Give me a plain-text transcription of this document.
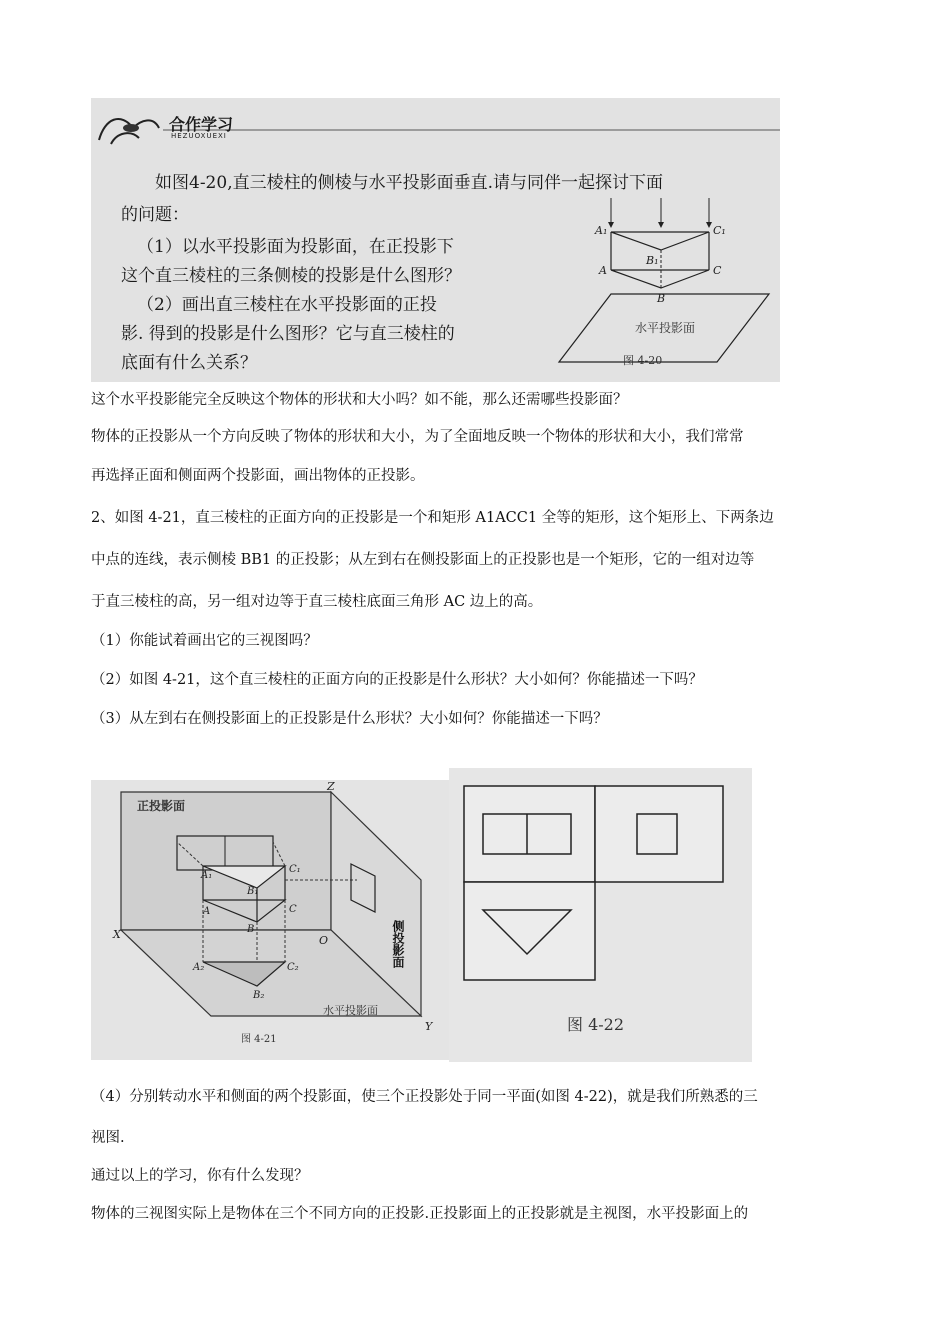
合作学习
HEZUOXUEXI
如图4-20,直三棱柱的侧棱与水平投影面垂直.请与同伴一起探讨下面
的问题：
（1）以水平投影面为投影面，在正投影下
这个直三棱柱的三条侧棱的投影是什么图形？
（2）画出直三棱柱在水平投影面的正投
影. 得到的投影是什么图形？它与直三棱柱的
底面有什么关系？
A₁	C₁
B₁
A	C
B
水平投影面
图 4-20
这个水平投影能完全反映这个物体的形状和大小吗？如不能，那么还需哪些投影面？
物体的正投影从一个方向反映了物体的形状和大小，为了全面地反映一个物体的形状和大小，我们常常
再选择正面和侧面两个投影面，画出物体的正投影。
2、如图 4-21，直三棱柱的正面方向的正投影是一个和矩形 A1ACC1 全等的矩形，这个矩形上、下两条边
中点的连线，表示侧棱 BB1 的正投影；从左到右在侧投影面上的正投影也是一个矩形，它的一组对边等
于直三棱柱的高，另一组对边等于直三棱柱底面三角形 AC 边上的高。
（1）你能试着画出它的三视图吗？
（2）如图 4-21，这个直三棱柱的正面方向的正投影是什么形状？大小如何？你能描述一下吗？
（3）从左到右在侧投影面上的正投影是什么形状？大小如何？你能描述一下吗？
正投影面
Z
X
Y
O
A₁
B₁
C₁
A
B
C
A₂
B₂
C₂
水平投影面
图 4-21
侧投影面
图 4-22
（4）分别转动水平和侧面的两个投影面，使三个正投影处于同一平面(如图 4-22)，就是我们所熟悉的三
视图.
通过以上的学习，你有什么发现？
物体的三视图实际上是物体在三个不同方向的正投影.正投影面上的正投影就是主视图，水平投影面上的
